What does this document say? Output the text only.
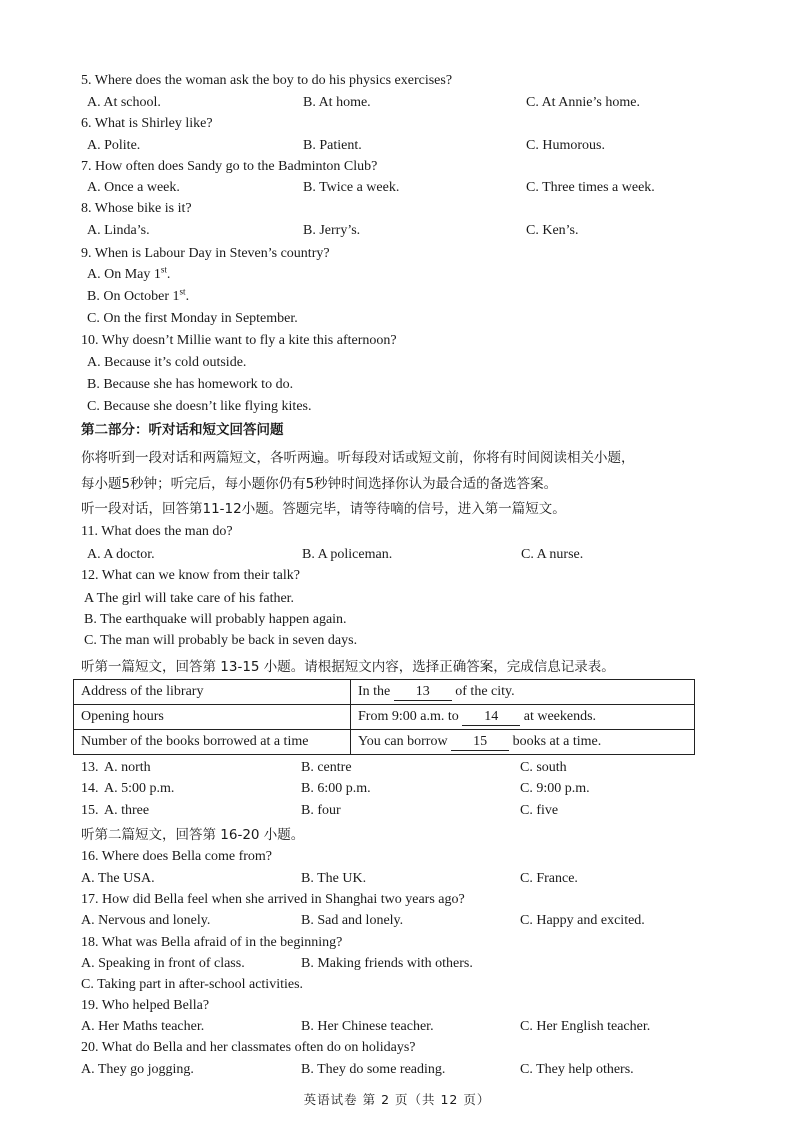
5. Where does the woman ask the boy to do his physics exercises?
A. At school.	B. At home.	C. At Annie’s home.
6. What is Shirley like?
A. Polite.	B. Patient.	C. Humorous.
7. How often does Sandy go to the Badminton Club?
A. Once a week.	B. Twice a week.	C. Three times a week.
8. Whose bike is it?
A. Linda’s.	B. Jerry’s.	C. Ken’s.
9. When is Labour Day in Steven’s country?
A. On May 1st.
B. On October 1st.
C. On the first Monday in September.
10. Why doesn’t Millie want to fly a kite this afternoon?
A. Because it’s cold outside.
B. Because she has homework to do.
C. Because she doesn’t like flying kites.
第二部分：听对话和短文回答问题
你将听到一段对话和两篇短文，各听两遍。听每段对话或短文前，你将有时间阅读相关小题，
每小题5秒钟；听完后，每小题你仍有5秒钟时间选择你认为最合适的备选答案。
听一段对话，回答第11-12小题。答题完毕，请等待嘀的信号，进入第一篇短文。
11. What does the man do?
A. A doctor.	B. A policeman.	C. A nurse.
12. What can we know from their talk?
A The girl will take care of his father.
B. The earthquake will probably happen again.
C. The man will probably be back in seven days.
听第一篇短文，回答第 13-15 小题。请根据短文内容，选择正确答案，完成信息记录表。
Address of the library	In the 13 of the city.
Opening hours	From 9:00 a.m. to 14 at weekends.
Number of the books borrowed at a time	You can borrow 15 books at a time.
13. A. north	B. centre	C. south
14. A. 5:00 p.m.	B. 6:00 p.m.	C. 9:00 p.m.
15. A. three	B. four	C. five
听第二篇短文，回答第 16-20 小题。
16. Where does Bella come from?
A. The USA.	B. The UK.	C. France.
17. How did Bella feel when she arrived in Shanghai two years ago?
A. Nervous and lonely.	B. Sad and lonely.	C. Happy and excited.
18. What was Bella afraid of in the beginning?
A. Speaking in front of class.	B. Making friends with others.
C. Taking part in after-school activities.
19. Who helped Bella?
A. Her Maths teacher.	B. Her Chinese teacher.	C. Her English teacher.
20. What do Bella and her classmates often do on holidays?
A. They go jogging.	B. They do some reading.	C. They help others.
英语试卷 第 2 页（共 12 页）
